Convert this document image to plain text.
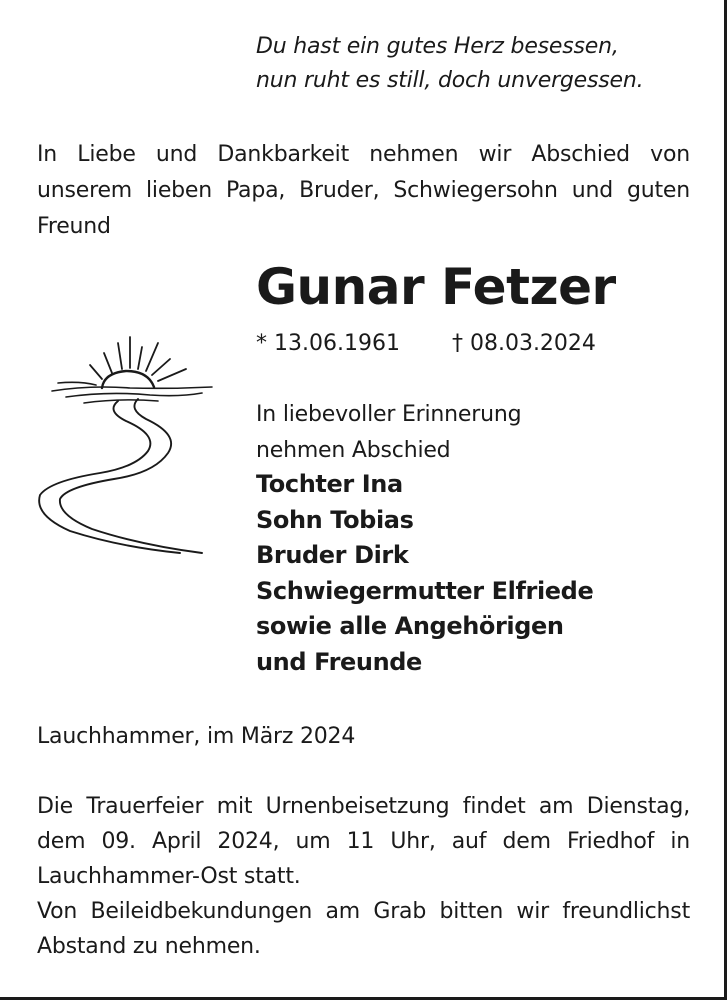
Du hast ein gutes Herz besessen,
nun ruht es still, doch unvergessen.

In Liebe und Dankbarkeit nehmen wir Abschied von unserem lieben Papa, Bruder, Schwiegersohn und guten Freund

Gunar Fetzer
* 13.06.1961 † 08.03.2024
In liebevoller Erinnerung
nehmen Abschied
Tochter Ina
Sohn Tobias
Bruder Dirk
Schwiegermutter Elfriede
sowie alle Angehörigen
und Freunde
Lauchhammer, im März 2024

Die Trauerfeier mit Urnenbeisetzung findet am Dienstag, dem 09. April 2024, um 11 Uhr, auf dem Friedhof in Lauchhammer-Ost statt.

Von Beileidbekundungen am Grab bitten wir freundlichst Abstand zu nehmen.
